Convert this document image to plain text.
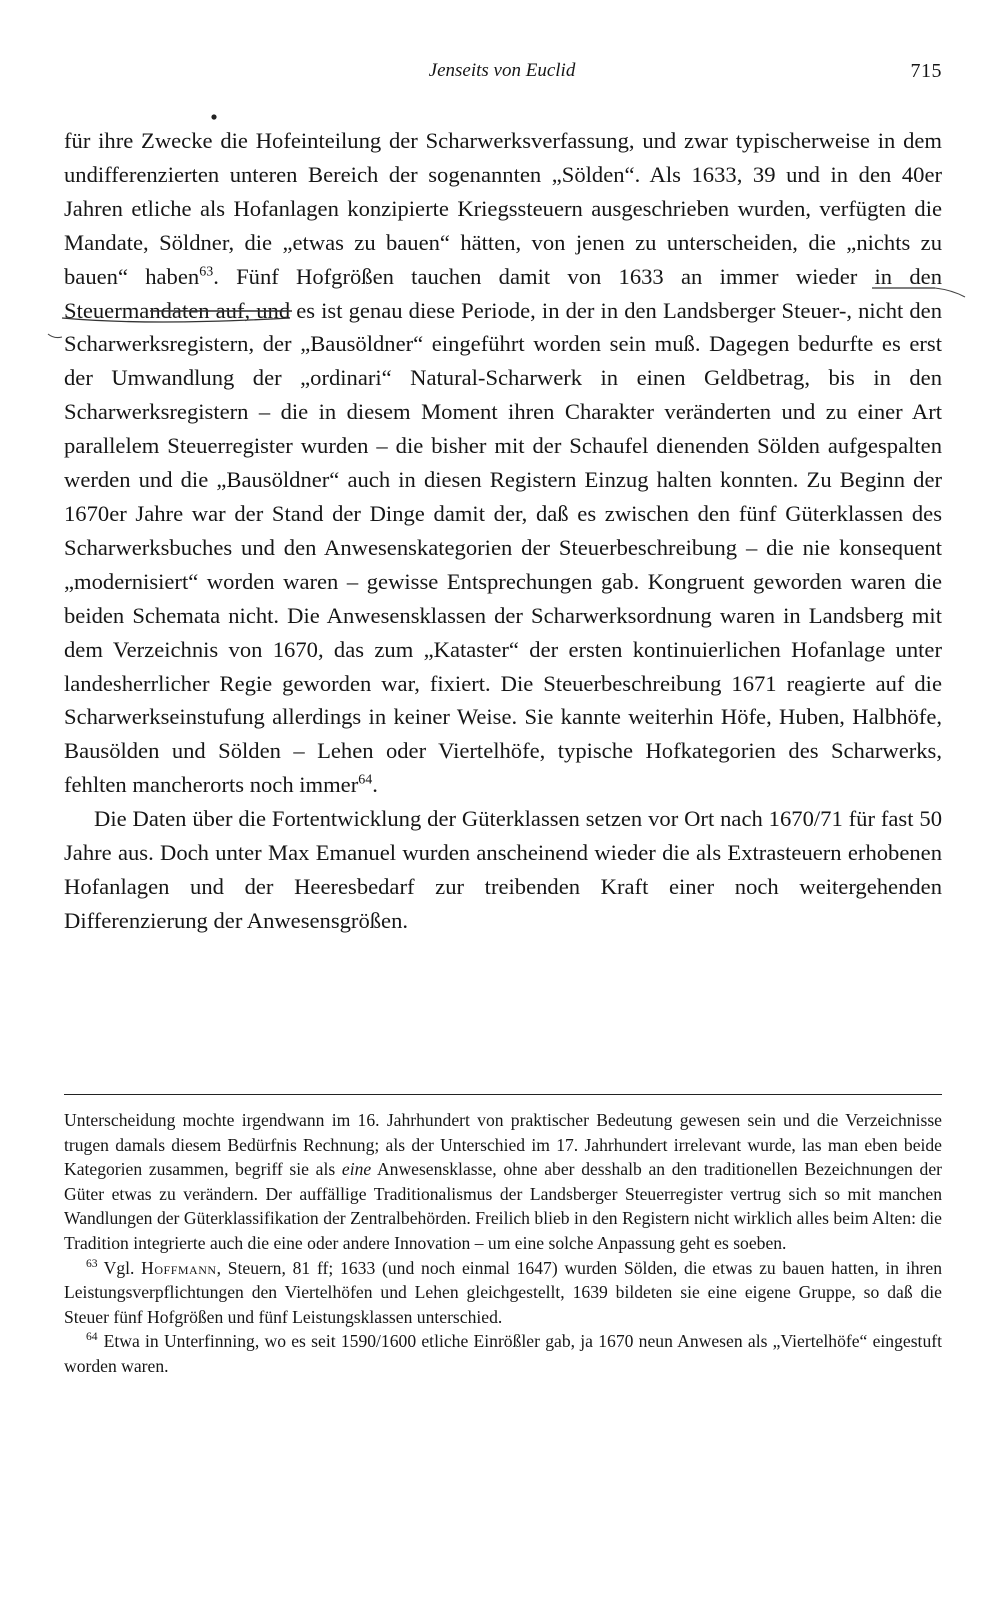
Jenseits von Euclid	715

für ihre Zwecke die Hofeinteilung der Scharwerksverfassung, und zwar typischerweise in dem undifferenzierten unteren Bereich der sogenannten „Sölden“. Als 1633, 39 und in den 40er Jahren etliche als Hofanlagen konzipierte Kriegssteuern ausgeschrieben wurden, verfügten die Mandate, Söldner, die „etwas zu bauen“ hätten, von jenen zu unterscheiden, die „nichts zu bauen“ haben$^{63}$. Fünf Hofgrößen tauchen damit von 1633 an immer wieder in den Steuermandaten auf, und es ist genau diese Periode, in der in den Landsberger Steuer-, nicht den Scharwerksregistern, der „Bausöldner“ eingeführt worden sein muß. Dagegen bedurfte es erst der Umwandlung der „ordinari“ Natural-Scharwerk in einen Geldbetrag, bis in den Scharwerksregistern – die in diesem Moment ihren Charakter veränderten und zu einer Art parallelem Steuerregister wurden – die bisher mit der Schaufel dienenden Sölden aufgespalten werden und die „Bausöldner“ auch in diesen Registern Einzug halten konnten. Zu Beginn der 1670er Jahre war der Stand der Dinge damit der, daß es zwischen den fünf Güterklassen des Scharwerksbuches und den Anwesenskategorien der Steuerbeschreibung – die nie konsequent „modernisiert“ worden waren – gewisse Entsprechungen gab. Kongruent geworden waren die beiden Schemata nicht. Die Anwesensklassen der Scharwerksordnung waren in Landsberg mit dem Verzeichnis von 1670, das zum „Kataster“ der ersten kontinuierlichen Hofanlage unter landesherrlicher Regie geworden war, fixiert. Die Steuerbeschreibung 1671 reagierte auf die Scharwerkseinstufung allerdings in keiner Weise. Sie kannte weiterhin Höfe, Huben, Halbhöfe, Bausölden und Sölden – Lehen oder Viertelhöfe, typische Hofkategorien des Scharwerks, fehlten mancherorts noch immer$^{64}$.

Die Daten über die Fortentwicklung der Güterklassen setzen vor Ort nach 1670/71 für fast 50 Jahre aus. Doch unter Max Emanuel wurden anscheinend wieder die als Extrasteuern erhobenen Hofanlagen und der Heeresbedarf zur treibenden Kraft einer noch weitergehenden Differenzierung der Anwesensgrößen.

Unterscheidung mochte irgendwann im 16. Jahrhundert von praktischer Bedeutung gewesen sein und die Verzeichnisse trugen damals diesem Bedürfnis Rechnung; als der Unterschied im 17. Jahrhundert irrelevant wurde, las man eben beide Kategorien zusammen, begriff sie als eine Anwesensklasse, ohne aber desshalb an den traditionellen Bezeichnungen der Güter etwas zu verändern. Der auffällige Traditionalismus der Landsberger Steuerregister vertrug sich so mit manchen Wandlungen der Güterklassifikation der Zentralbehörden. Freilich blieb in den Registern nicht wirklich alles beim Alten: die Tradition integrierte auch die eine oder andere Innovation – um eine solche Anpassung geht es soeben.

$^{63}$ Vgl. Hoffmann, Steuern, 81 ff; 1633 (und noch einmal 1647) wurden Sölden, die etwas zu bauen hatten, in ihren Leistungsverpflichtungen den Viertelhöfen und Lehen gleichgestellt, 1639 bildeten sie eine eigene Gruppe, so daß die Steuer fünf Hofgrößen und fünf Leistungsklassen unterschied.

$^{64}$ Etwa in Unterfinning, wo es seit 1590/1600 etliche Einrößler gab, ja 1670 neun Anwesen als „Viertelhöfe“ eingestuft worden waren.
